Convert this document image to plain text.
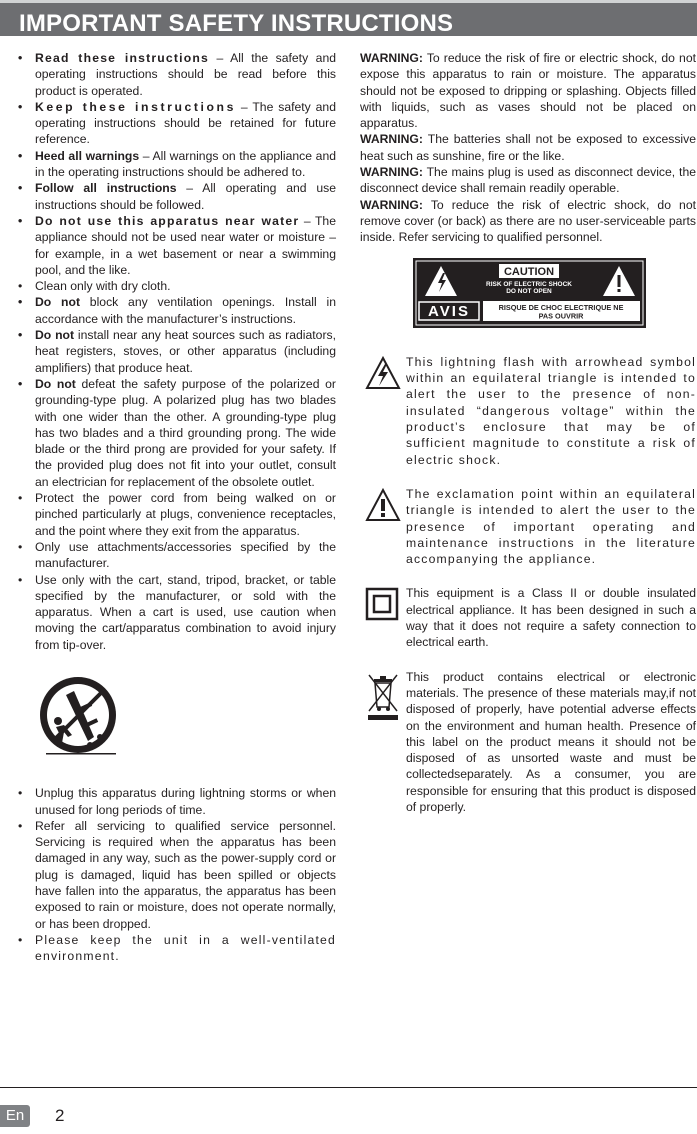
IMPORTANT SAFETY INSTRUCTIONS
• Read these instructions – All the safety and operating instructions should be read before this product is operated.
• Keep these instructions – The safety and operating instructions should be retained for future reference.
• Heed all warnings – All warnings on the appliance and in the operating instructions should be adhered to.
• Follow all instructions – All operating and use instructions should be followed.
• Do not use this apparatus near water – The appliance should not be used near water or moisture – for example, in a wet basement or near a swimming pool, and the like.
• Clean only with dry cloth.
• Do not block any ventilation openings. Install in accordance with the manufacturer’s instructions.
• Do not install near any heat sources such as radiators, heat registers, stoves, or other apparatus (including amplifiers) that produce heat.
• Do not defeat the safety purpose of the polarized or grounding-type plug. A polarized plug has two blades with one wider than the other. A grounding-type plug has two blades and a third grounding prong. The wide blade or the third prong are provided for your safety. If the provided plug does not fit into your outlet, consult an electrician for replacement of the obsolete outlet.
• Protect the power cord from being walked on or pinched particularly at plugs, convenience receptacles, and the point where they exit from the apparatus.
• Only use attachments/accessories specified by the manufacturer.
• Use only with the cart, stand, tripod, bracket, or table specified by the manufacturer, or sold with the apparatus. When a cart is used, use caution when moving the cart/apparatus combination to avoid injury from tip-over.
• Unplug this apparatus during lightning storms or when unused for long periods of time.
• Refer all servicing to qualified service personnel. Servicing is required when the apparatus has been damaged in any way, such as the power-supply cord or plug is damaged, liquid has been spilled or objects have fallen into the apparatus, the apparatus has been exposed to rain or moisture, does not operate normally, or has been dropped.
• Please keep the unit in a well-ventilated environment.

WARNING: To reduce the risk of fire or electric shock, do not expose this apparatus to rain or moisture. The apparatus should not be exposed to dripping or splashing. Objects filled with liquids, such as vases should not be placed on apparatus.

WARNING: The batteries shall not be exposed to excessive heat such as sunshine, fire or the like.

WARNING: The mains plug is used as disconnect device, the disconnect device shall remain readily operable.

WARNING: To reduce the risk of electric shock, do not remove cover (or back) as there are no user-serviceable parts inside. Refer servicing to qualified personnel.

CAUTION
RISK OF ELECTRIC SHOCK
DO NOT OPEN
AVIS	RISQUE DE CHOC ELECTRIQUE NE
PAS OUVRIR

This lightning flash with arrowhead symbol within an equilateral triangle is intended to alert the user to the presence of non-insulated “dangerous voltage” within the product’s enclosure that may be of sufficient magnitude to constitute a risk of electric shock.

The exclamation point within an equilateral triangle is intended to alert the user to the presence of important operating and maintenance instructions in the literature accompanying the appliance.

This equipment is a Class II or double insulated electrical appliance. It has been designed in such a way that it does not require a safety connection to electrical earth.

This product contains electrical or electronic materials. The presence of these materials may,if not disposed of properly, have potential adverse effects on the environment and human health. Presence of this label on the product means it should not be disposed of as unsorted waste and must be collectedseparately. As a consumer, you are responsible for ensuring that this product is disposed of properly.

En	2
